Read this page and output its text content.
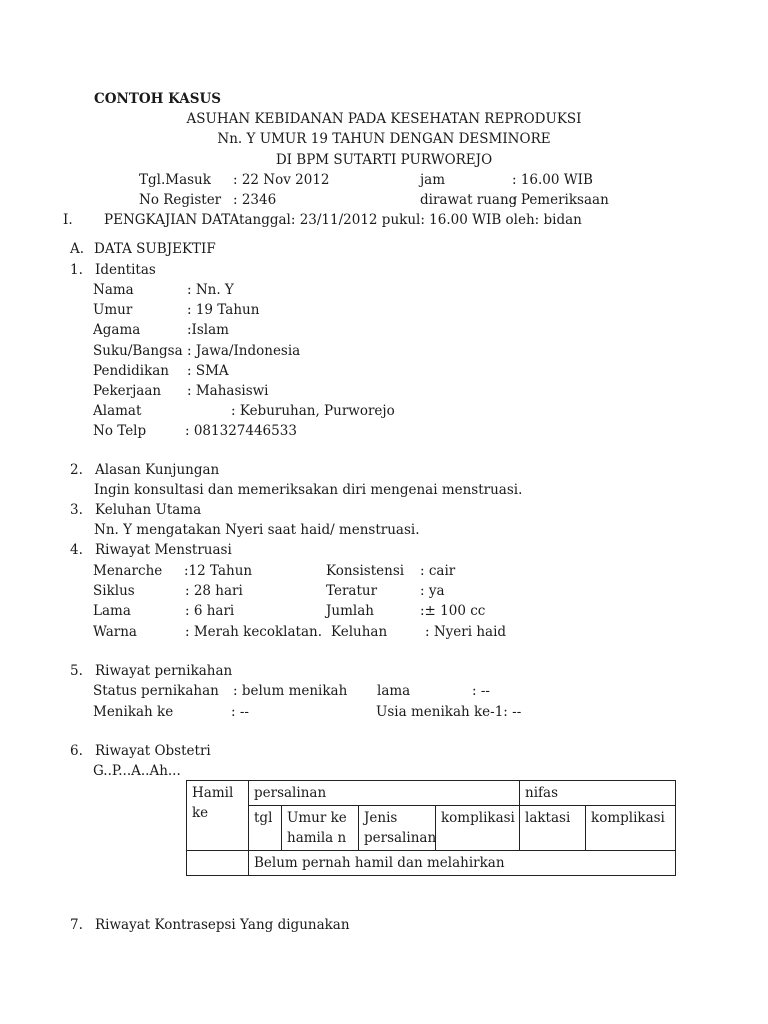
CONTOH KASUS
ASUHAN KEBIDANAN PADA KESEHATAN REPRODUKSI
Nn. Y UMUR 19 TAHUN DENGAN DESMINORE
DI BPM SUTARTI PURWOREJO
Tgl.Masuk : 22 Nov 2012	jam	: 16.00 WIB
No Register : 2346	dirawat ruang
: Pemeriksaan
I. PENGKAJIAN DATAtanggal: 23/11/2012 pukul: 16.00 WIB oleh: bidan
A. DATA SUBJEKTIF
1. Identitas
Nama	: Nn. Y
Umur	: 19 Tahun
Agama	:Islam
Suku/Bangsa : Jawa/Indonesia
Pendidikan : SMA
Pekerjaan : Mahasiswi
Alamat	: Keburuhan, Purworejo
No Telp	: 081327446533
2. Alasan Kunjungan
Ingin konsultasi dan memeriksakan diri mengenai menstruasi.
3. Keluhan Utama
Nn. Y mengatakan Nyeri saat haid/ menstruasi.
4. Riwayat Menstruasi
Menarche :12 Tahun	Konsistensi : cair
Siklus	: 28 hari	Teratur	: ya
Lama	: 6 hari	Jumlah	:± 100 cc
Warna	: Merah kecoklatan. Keluhan	: Nyeri haid
5. Riwayat pernikahan
Status pernikahan : belum menikah lama	: --
Menikah ke	: --	Usia menikah ke-1: --
6. Riwayat Obstetri
G..P...A..Ah...
Hamil
ke	persalinan				nifas	
	tgl	Umur kehamila n	Jenis persalinan	komplikasi	laktasi	komplikasi
	Belum pernah hamil dan melahirkan					
7. Riwayat Kontrasepsi Yang digunakan
